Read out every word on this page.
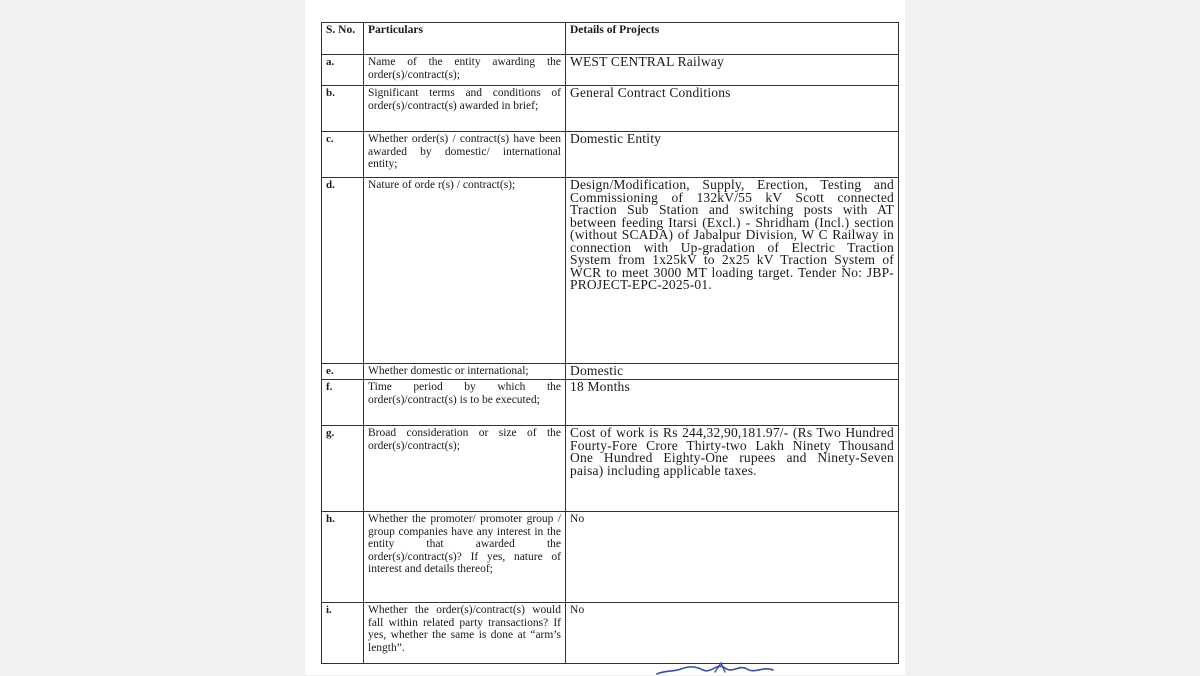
S. No.	Particulars	Details of Projects
a.	Name of the entity awarding the order(s)/contract(s);	WEST CENTRAL Railway
b.	Significant terms and conditions of order(s)/contract(s) awarded in brief;	General Contract Conditions
c.	Whether order(s) / contract(s) have been awarded by domestic/ international entity;	Domestic Entity
d.	Nature of orde r(s) / contract(s);	Design/Modification, Supply, Erection, Testing and Commissioning of 132kV/55 kV Scott connected Traction Sub Station and switching posts with AT between feeding Itarsi (Excl.) - Shridham (Incl.) section (without SCADA) of Jabalpur Division, W C Railway in connection with Up-gradation of Electric Traction System from 1x25kV to 2x25 kV Traction System of WCR to meet 3000 MT loading target. Tender No: JBP-PROJECT-EPC-2025-01.
e.	Whether domestic or international;	Domestic
f.	Time period by which the order(s)/contract(s) is to be executed;	18 Months
g.	Broad consideration or size of the order(s)/contract(s);	Cost of work is Rs 244,32,90,181.97/- (Rs Two Hundred Fourty-Fore Crore Thirty-two Lakh Ninety Thousand One Hundred Eighty-One rupees and Ninety-Seven paisa) including applicable taxes.
h.	Whether the promoter/ promoter group / group companies have any interest in the entity that awarded the order(s)/contract(s)? If yes, nature of interest and details thereof;	No
i.	Whether the order(s)/contract(s) would fall within related party transactions? If yes, whether the same is done at “arm’s length”.	No
